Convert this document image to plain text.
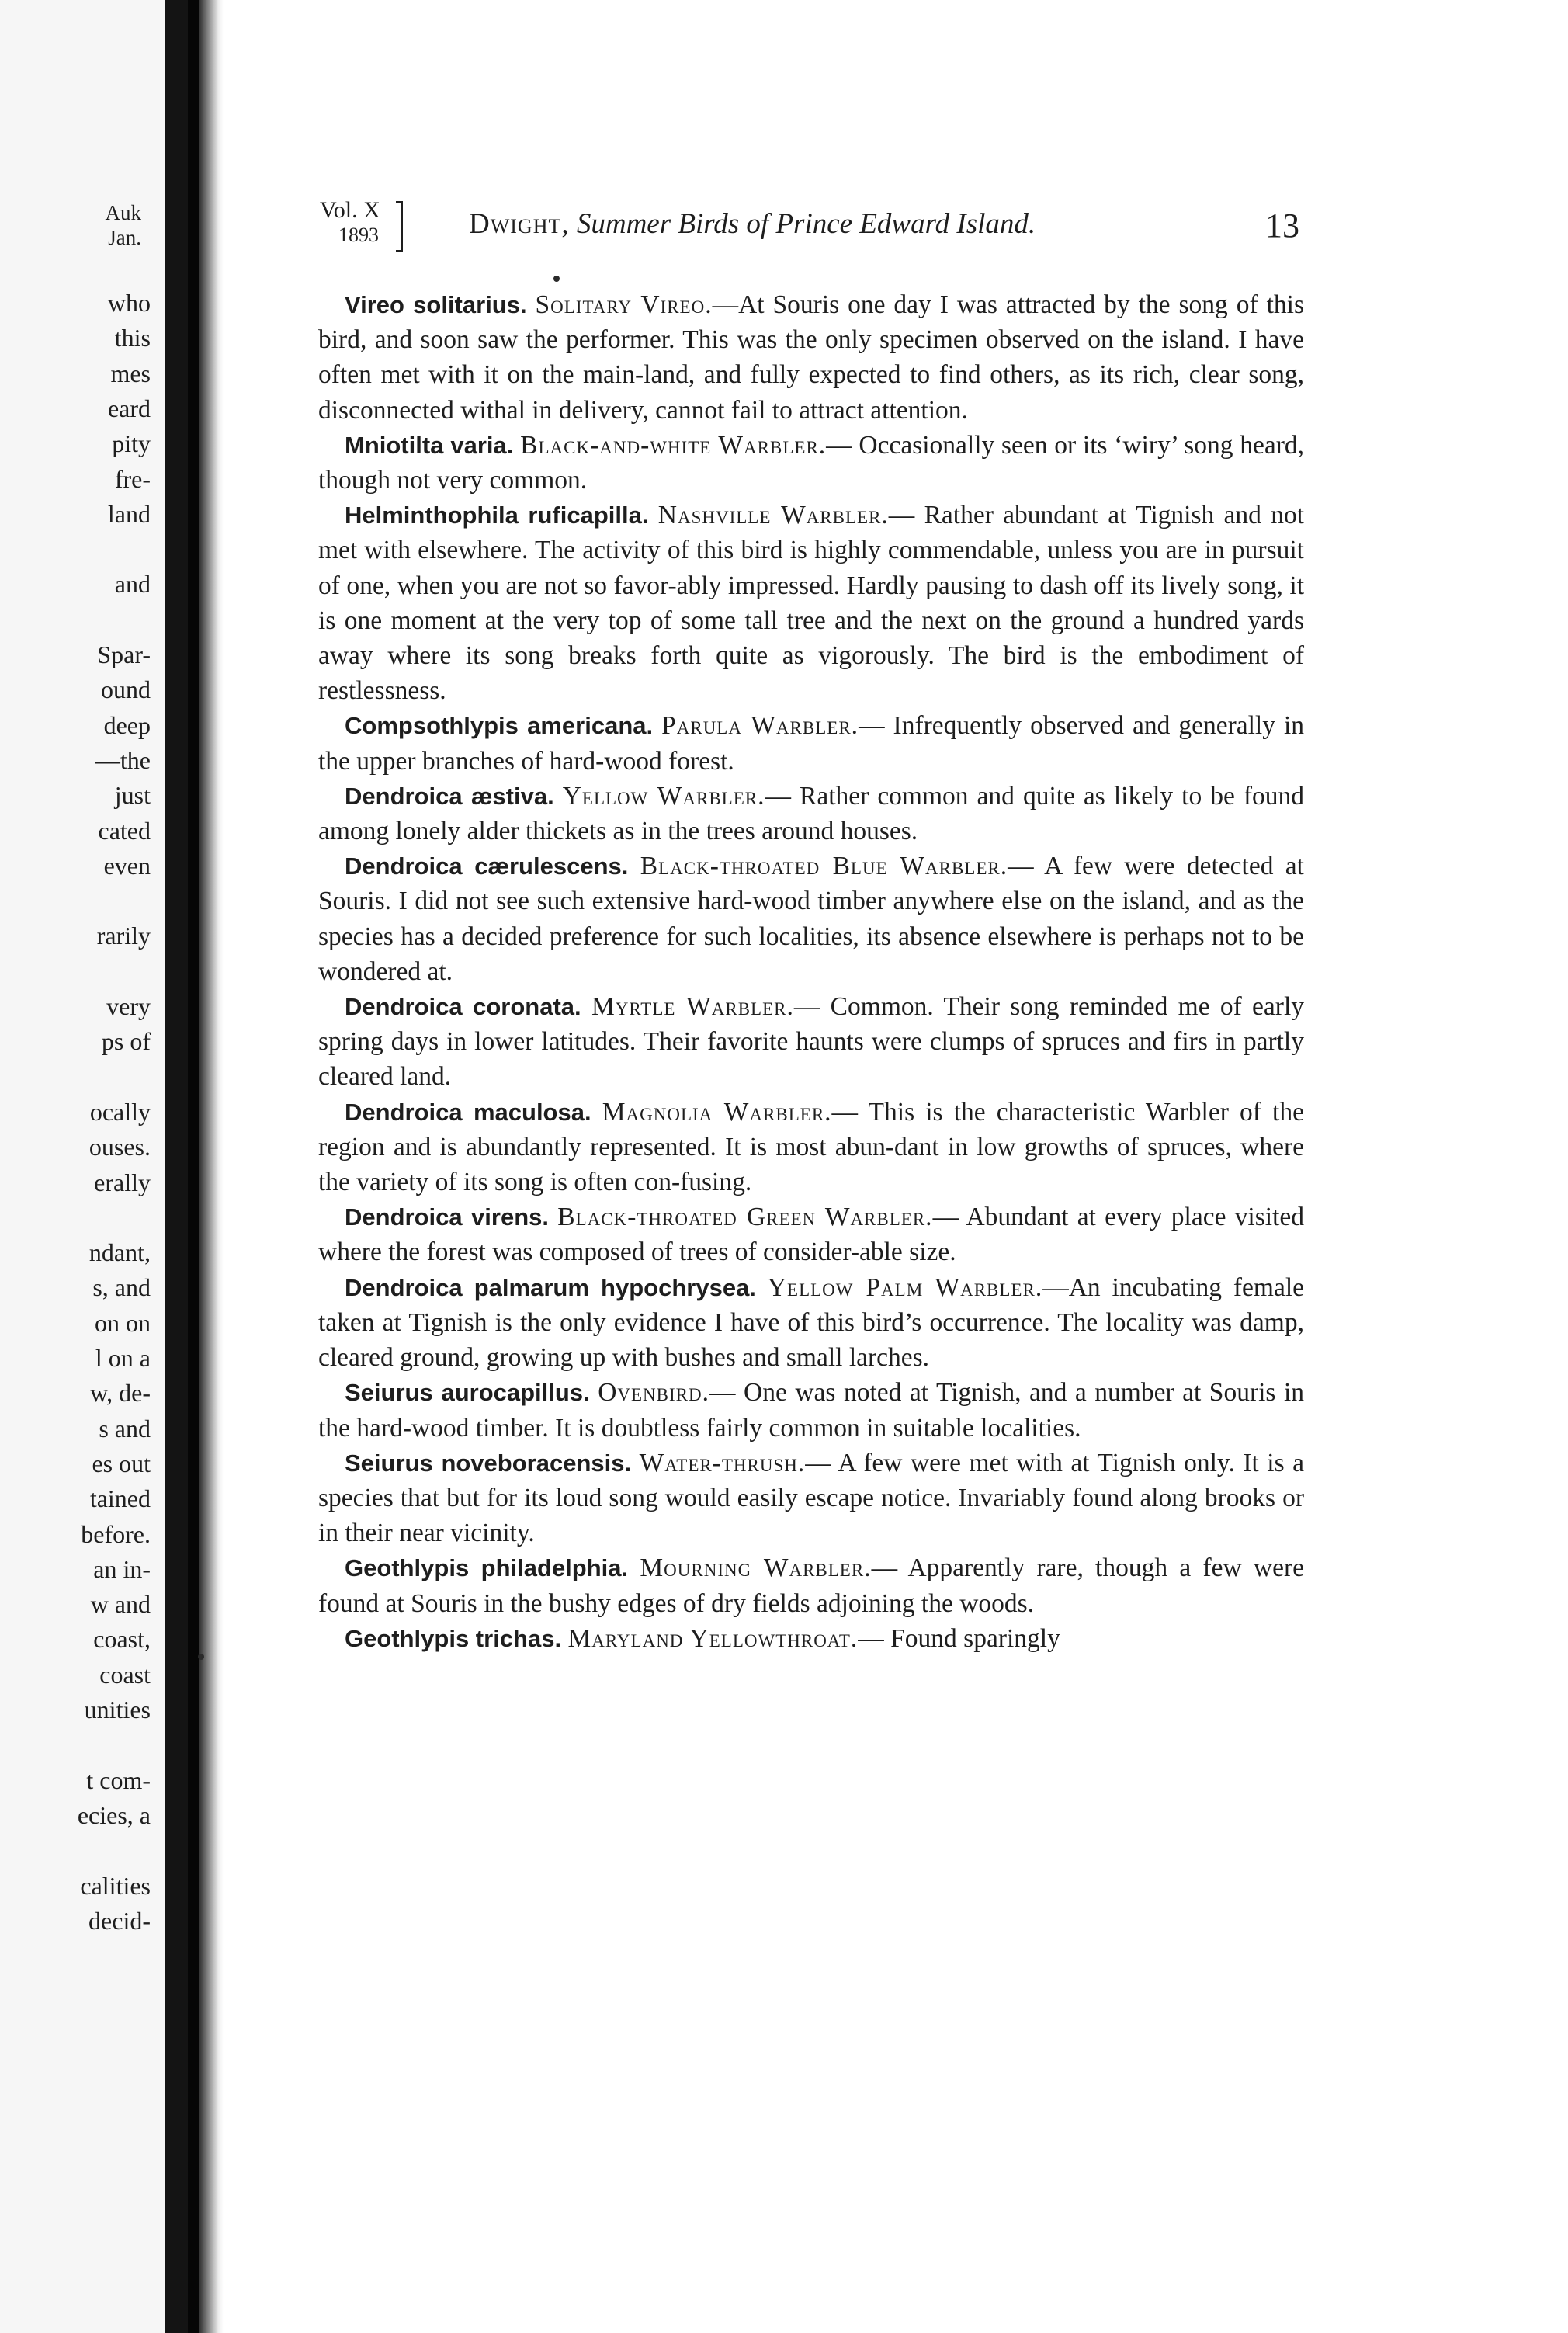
Auk
Jan.
who
this
mes
eard
pity
fre-
land
and
Spar-
ound
deep
—the
just
cated
even
rarily
very
ps of
ocally
ouses.
erally
ndant,
s, and
on on
l on a
w, de-
s and
es out
tained
before.
an in-
w and
coast,
coast
unities
t com-
ecies, a
calities
decid-
Vol. X
1893	Dwight, Summer Birds of Prince Edward Island.	13

Vireo solitarius. Solitary Vireo.—At Souris one day I was attracted by the song of this bird, and soon saw the performer. This was the only specimen observed on the island. I have often met with it on the main-land, and fully expected to find others, as its rich, clear song, disconnected withal in delivery, cannot fail to attract attention.

Mniotilta varia. Black-and-white Warbler.— Occasionally seen or its ‘wiry’ song heard, though not very common.

Helminthophila ruficapilla. Nashville Warbler.— Rather abundant at Tignish and not met with elsewhere. The activity of this bird is highly commendable, unless you are in pursuit of one, when you are not so favor-ably impressed. Hardly pausing to dash off its lively song, it is one moment at the very top of some tall tree and the next on the ground a hundred yards away where its song breaks forth quite as vigorously. The bird is the embodiment of restlessness.

Compsothlypis americana. Parula Warbler.— Infrequently observed and generally in the upper branches of hard-wood forest.

Dendroica æstiva. Yellow Warbler.— Rather common and quite as likely to be found among lonely alder thickets as in the trees around houses.

Dendroica cærulescens. Black-throated Blue Warbler.— A few were detected at Souris. I did not see such extensive hard-wood timber anywhere else on the island, and as the species has a decided preference for such localities, its absence elsewhere is perhaps not to be wondered at.

Dendroica coronata. Myrtle Warbler.— Common. Their song reminded me of early spring days in lower latitudes. Their favorite haunts were clumps of spruces and firs in partly cleared land.

Dendroica maculosa. Magnolia Warbler.— This is the characteristic Warbler of the region and is abundantly represented. It is most abun-dant in low growths of spruces, where the variety of its song is often con-fusing.

Dendroica virens. Black-throated Green Warbler.— Abundant at every place visited where the forest was composed of trees of consider-able size.

Dendroica palmarum hypochrysea. Yellow Palm Warbler.—An incubating female taken at Tignish is the only evidence I have of this bird’s occurrence. The locality was damp, cleared ground, growing up with bushes and small larches.

Seiurus aurocapillus. Ovenbird.— One was noted at Tignish, and a number at Souris in the hard-wood timber. It is doubtless fairly common in suitable localities.

Seiurus noveboracensis. Water-thrush.— A few were met with at Tignish only. It is a species that but for its loud song would easily escape notice. Invariably found along brooks or in their near vicinity.

Geothlypis philadelphia. Mourning Warbler.— Apparently rare, though a few were found at Souris in the bushy edges of dry fields adjoining the woods.

Geothlypis trichas. Maryland Yellowthroat.— Found sparingly
